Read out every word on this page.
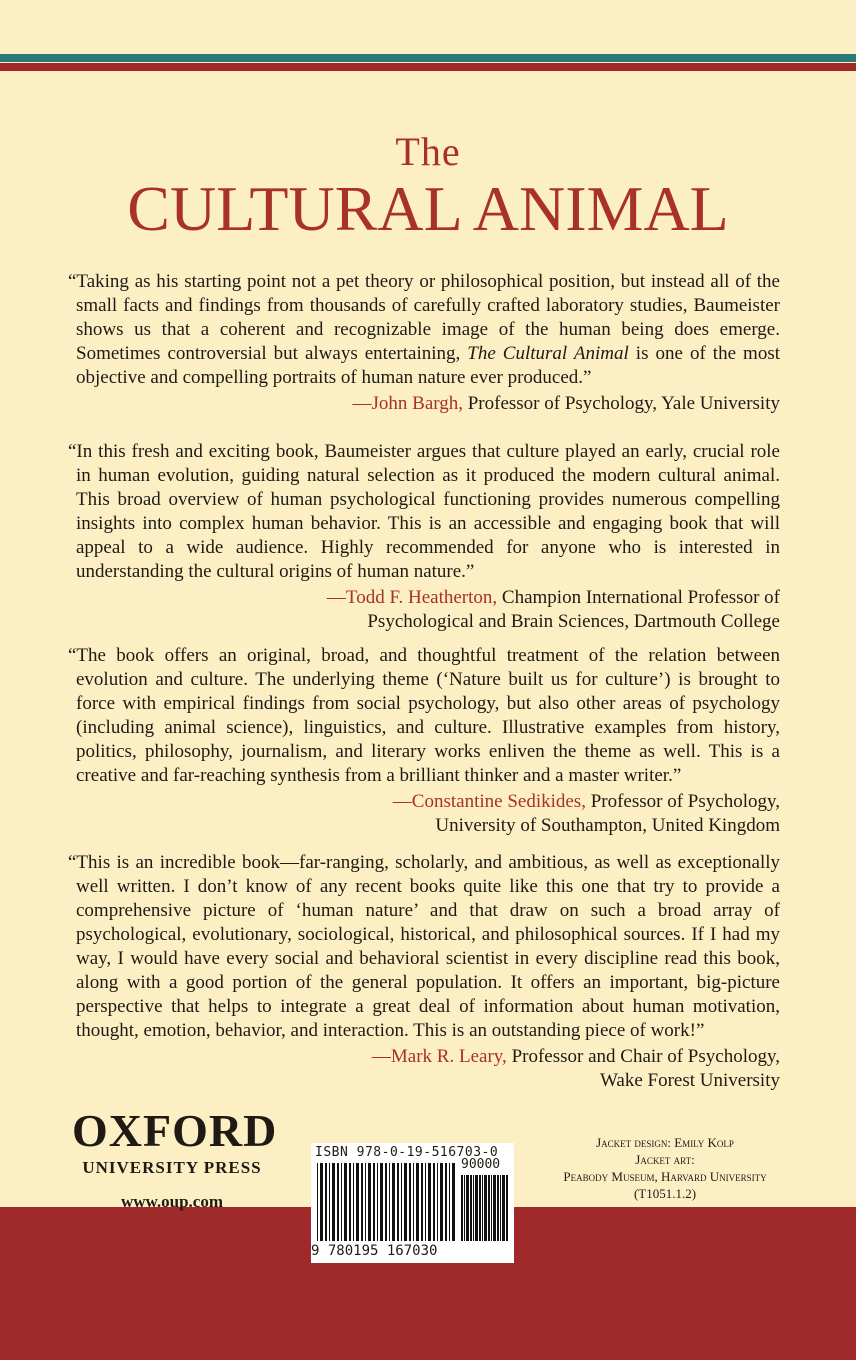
The
CULTURAL ANIMAL

“Taking as his starting point not a pet theory or philosophical position, but instead all of the small facts and findings from thousands of carefully crafted laboratory studies, Baumeister shows us that a coherent and recognizable image of the human being does emerge. Sometimes controversial but always entertaining, The Cultural Animal is one of the most objective and compelling portraits of human nature ever produced.”

—John Bargh, Professor of Psychology, Yale University

“In this fresh and exciting book, Baumeister argues that culture played an early, crucial role in human evolution, guiding natural selection as it produced the modern cultural animal. This broad overview of human psychological functioning provides numerous compelling insights into complex human behavior. This is an accessible and engaging book that will appeal to a wide audience. Highly recommended for anyone who is interested in understanding the cultural origins of human nature.”

—Todd F. Heatherton, Champion International Professor of
Psychological and Brain Sciences, Dartmouth College

“The book offers an original, broad, and thoughtful treatment of the relation between evolution and culture. The underlying theme (‘Nature built us for culture’) is brought to force with empirical findings from social psychology, but also other areas of psychology (including animal science), linguistics, and culture. Illustrative examples from history, politics, philosophy, journalism, and literary works enliven the theme as well. This is a creative and far-reaching synthesis from a brilliant thinker and a master writer.”

—Constantine Sedikides, Professor of Psychology,
University of Southampton, United Kingdom

“This is an incredible book—far-ranging, scholarly, and ambitious, as well as exceptionally well written. I don’t know of any recent books quite like this one that try to provide a comprehensive picture of ‘human nature’ and that draw on such a broad array of psychological, evolutionary, sociological, historical, and philosophical sources. If I had my way, I would have every social and behavioral scientist in every discipline read this book, along with a good portion of the general population. It offers an important, big-picture perspective that helps to integrate a great deal of information about human motivation, thought, emotion, behavior, and interaction. This is an outstanding piece of work!”

—Mark R. Leary, Professor and Chair of Psychology,
Wake Forest University
OXFORD
UNIVERSITY PRESS
www.oup.com
ISBN 978-0-19-516703-0
90000
9 780195 167030
Jacket design: Emily Kolp
Jacket art:
Peabody Museum, Harvard University
(T1051.1.2)
